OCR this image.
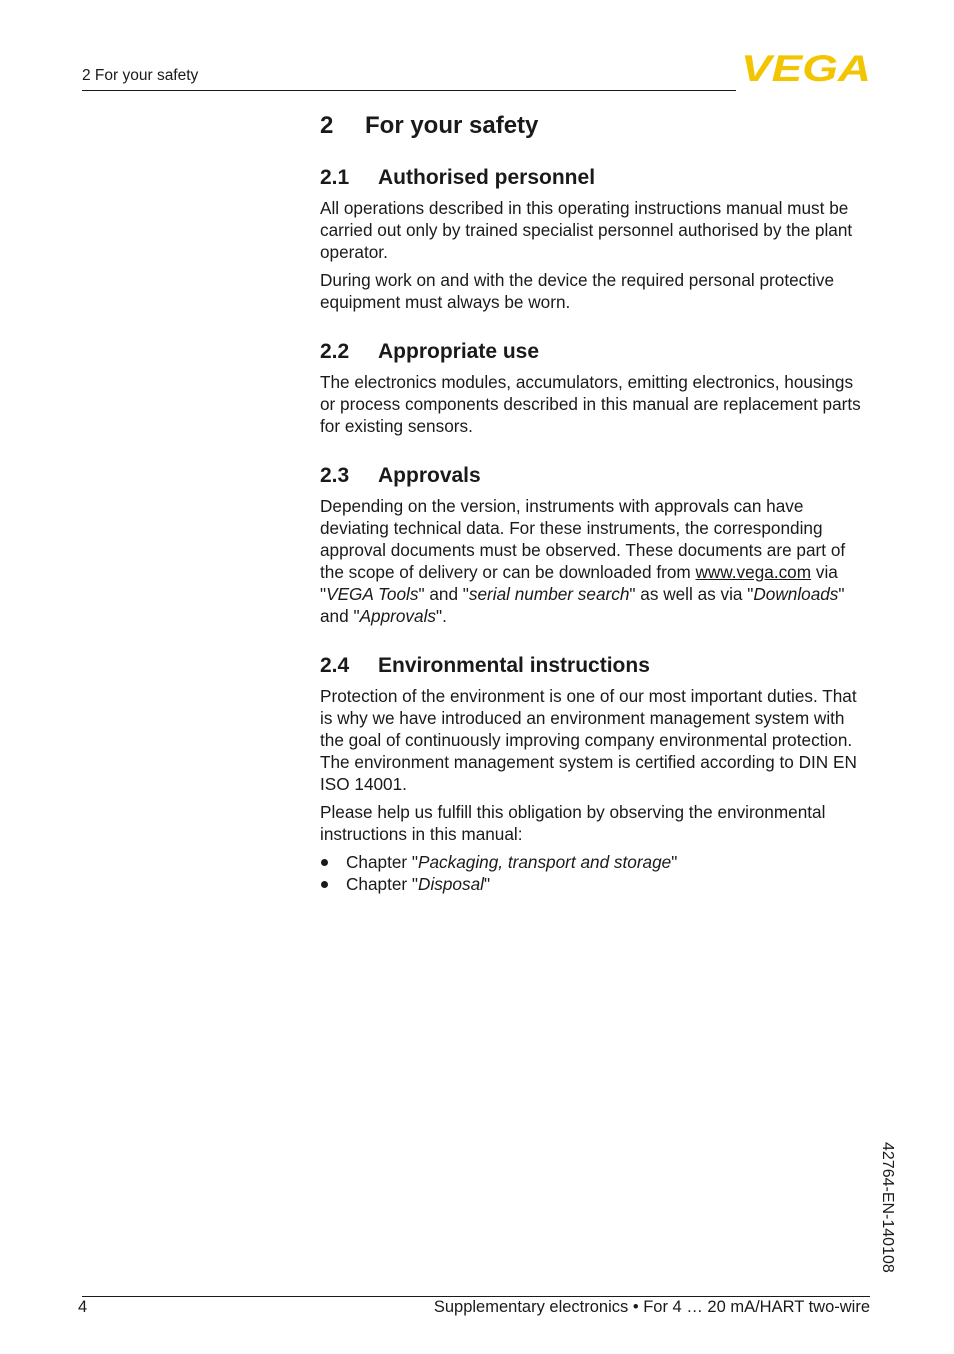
2 For your safety	VEGA
2 For your safety
2.1 Authorised personnel

All operations described in this operating instructions manual must be carried out only by trained specialist personnel authorised by the plant operator.

During work on and with the device the required personal protective equipment must always be worn.

2.2 Appropriate use

The electronics modules, accumulators, emitting electronics, housings or process components described in this manual are replacement parts for existing sensors.

2.3 Approvals

Depending on the version, instruments with approvals can have deviating technical data. For these instruments, the corresponding approval documents must be observed. These documents are part of the scope of delivery or can be downloaded from www.vega.com via "VEGA Tools" and "serial number search" as well as via "Downloads" and "Approvals".

2.4 Environmental instructions

Protection of the environment is one of our most important duties. That is why we have introduced an environment management system with the goal of continuously improving company environmental protection. The environment management system is certified according to DIN EN ISO 14001.

Please help us fulfill this obligation by observing the environmental instructions in this manual:

Chapter "Packaging, transport and storage"
Chapter "Disposal"
42764-EN-140108
4	Supplementary electronics • For 4 … 20 mA/HART two-wire
